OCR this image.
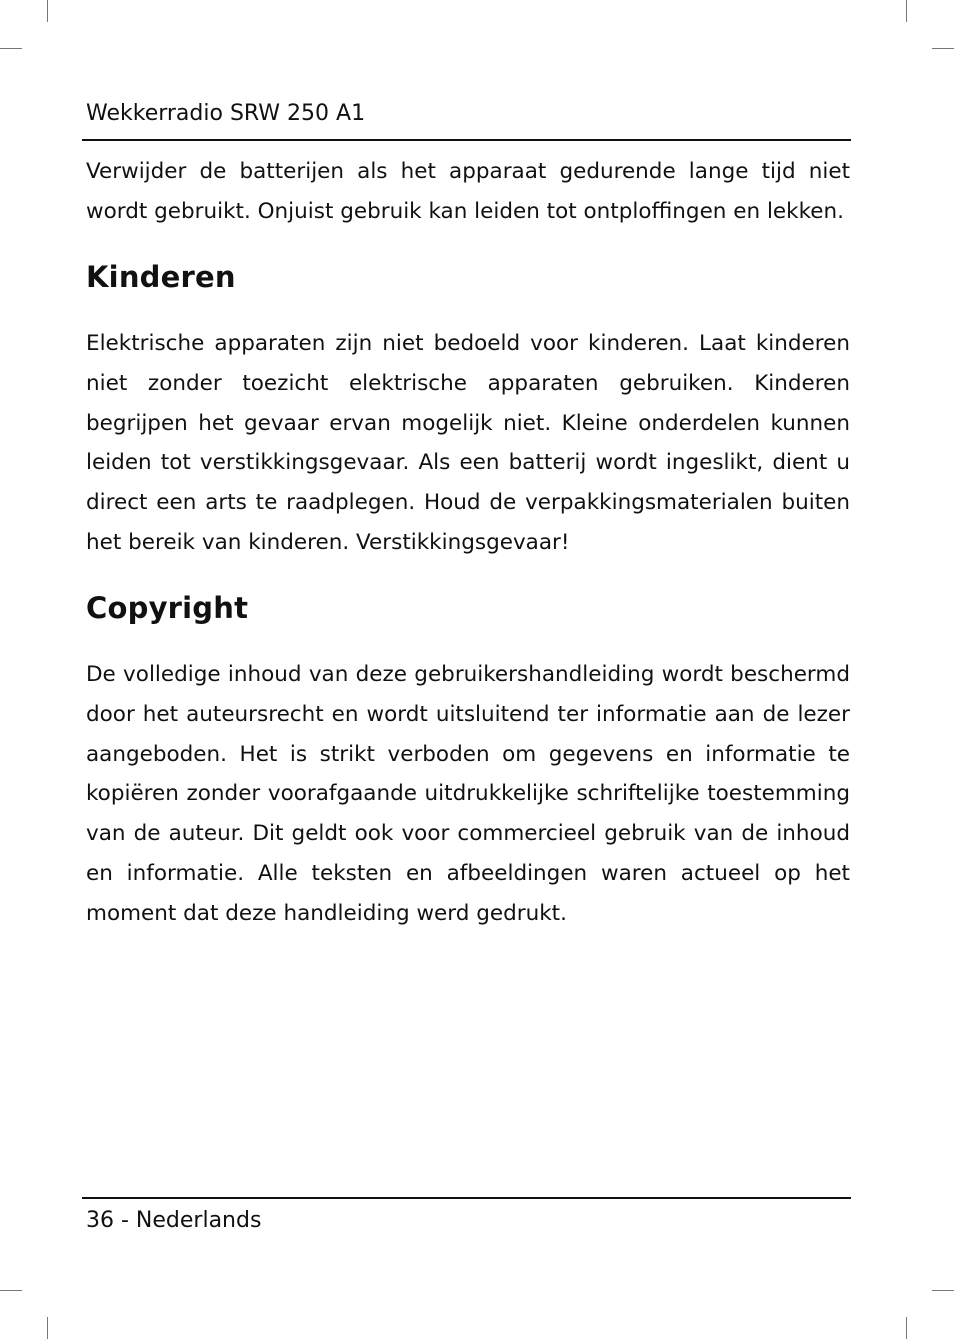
Wekkerradio SRW 250 A1

Verwijder de batterijen als het apparaat gedurende lange tijd niet wordt gebruikt. Onjuist gebruik kan leiden tot ontploffingen en lekken.

Kinderen

Elektrische apparaten zijn niet bedoeld voor kinderen. Laat kinderen niet zonder toezicht elektrische apparaten gebruiken. Kinderen begrijpen het gevaar ervan mogelijk niet. Kleine onderdelen kunnen leiden tot verstikkingsgevaar. Als een batterij wordt ingeslikt, dient u direct een arts te raadplegen. Houd de verpakkingsmaterialen buiten het bereik van kinderen. Verstikkingsgevaar!

Copyright

De volledige inhoud van deze gebruikershandleiding wordt beschermd door het auteursrecht en wordt uitsluitend ter informatie aan de lezer aangeboden. Het is strikt verboden om gegevens en informatie te kopiëren zonder voorafgaande uitdrukkelijke schriftelijke toestemming van de auteur. Dit geldt ook voor commercieel gebruik van de inhoud en informatie. Alle teksten en afbeeldingen waren actueel op het moment dat deze handleiding werd gedrukt.

36 - Nederlands
